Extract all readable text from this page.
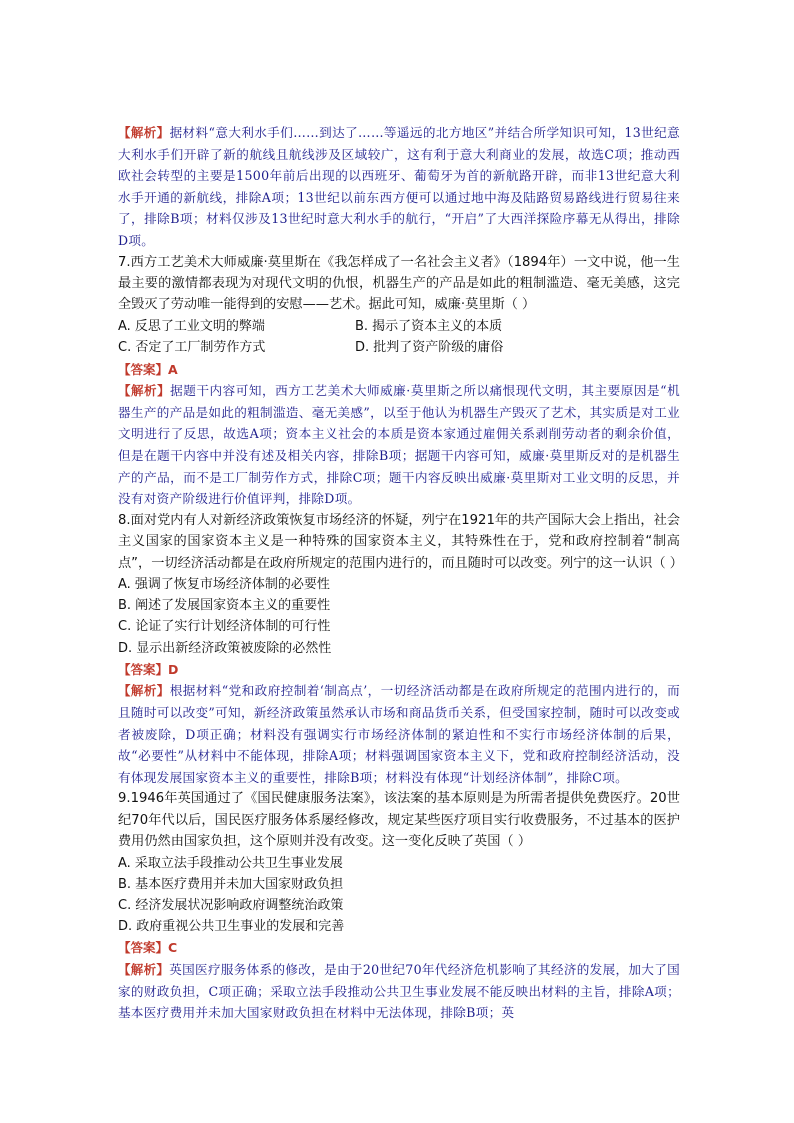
【解析】据材料“意大利水手们……到达了……等遥远的北方地区”并结合所学知识可知，13世纪意大利水手们开辟了新的航线且航线涉及区域较广，这有利于意大利商业的发展，故选C项；推动西欧社会转型的主要是1500年前后出现的以西班牙、葡萄牙为首的新航路开辟，而非13世纪意大利水手开通的新航线，排除A项；13世纪以前东西方便可以通过地中海及陆路贸易路线进行贸易往来了，排除B项；材料仅涉及13世纪时意大利水手的航行，“开启”了大西洋探险序幕无从得出，排除D项。

7.西方工艺美术大师威廉·莫里斯在《我怎样成了一名社会主义者》（1894年）一文中说，他一生最主要的激情都表现为对现代文明的仇恨，机器生产的产品是如此的粗制滥造、毫无美感，这完全毁灭了劳动唯一能得到的安慰——艺术。据此可知，威廉·莫里斯（ ）

A. 反思了工业文明的弊端	B. 揭示了资本主义的本质
C. 否定了工厂制劳作方式	D. 批判了资产阶级的庸俗

【答案】A

【解析】据题干内容可知，西方工艺美术大师威廉·莫里斯之所以痛恨现代文明，其主要原因是“机器生产的产品是如此的粗制滥造、毫无美感”，以至于他认为机器生产毁灭了艺术，其实质是对工业文明进行了反思，故选A项；资本主义社会的本质是资本家通过雇佣关系剥削劳动者的剩余价值，但是在题干内容中并没有述及相关内容，排除B项；据题干内容可知，威廉·莫里斯反对的是机器生产的产品，而不是工厂制劳作方式，排除C项；题干内容反映出威廉·莫里斯对工业文明的反思，并没有对资产阶级进行价值评判，排除D项。

8.面对党内有人对新经济政策恢复市场经济的怀疑，列宁在1921年的共产国际大会上指出，社会主义国家的国家资本主义是一种特殊的国家资本主义，其特殊性在于，党和政府控制着“制高点”，一切经济活动都是在政府所规定的范围内进行的，而且随时可以改变。列宁的这一认识（ ）

A. 强调了恢复市场经济体制的必要性

B. 阐述了发展国家资本主义的重要性

C. 论证了实行计划经济体制的可行性

D. 显示出新经济政策被废除的必然性

【答案】D

【解析】根据材料“党和政府控制着‘制高点’，一切经济活动都是在政府所规定的范围内进行的，而且随时可以改变”可知，新经济政策虽然承认市场和商品货币关系，但受国家控制，随时可以改变或者被废除，D项正确；材料没有强调实行市场经济体制的紧迫性和不实行市场经济体制的后果，故“必要性”从材料中不能体现，排除A项；材料强调国家资本主义下，党和政府控制经济活动，没有体现发展国家资本主义的重要性，排除B项；材料没有体现“计划经济体制”，排除C项。

9.1946年英国通过了《国民健康服务法案》，该法案的基本原则是为所需者提供免费医疗。20世纪70年代以后，国民医疗服务体系屡经修改，规定某些医疗项目实行收费服务，不过基本的医护费用仍然由国家负担，这个原则并没有改变。这一变化反映了英国（ ）

A. 采取立法手段推动公共卫生事业发展

B. 基本医疗费用并未加大国家财政负担

C. 经济发展状况影响政府调整统治政策

D. 政府重视公共卫生事业的发展和完善

【答案】C

【解析】英国医疗服务体系的修改，是由于20世纪70年代经济危机影响了其经济的发展，加大了国家的财政负担，C项正确；采取立法手段推动公共卫生事业发展不能反映出材料的主旨，排除A项；基本医疗费用并未加大国家财政负担在材料中无法体现，排除B项；英
